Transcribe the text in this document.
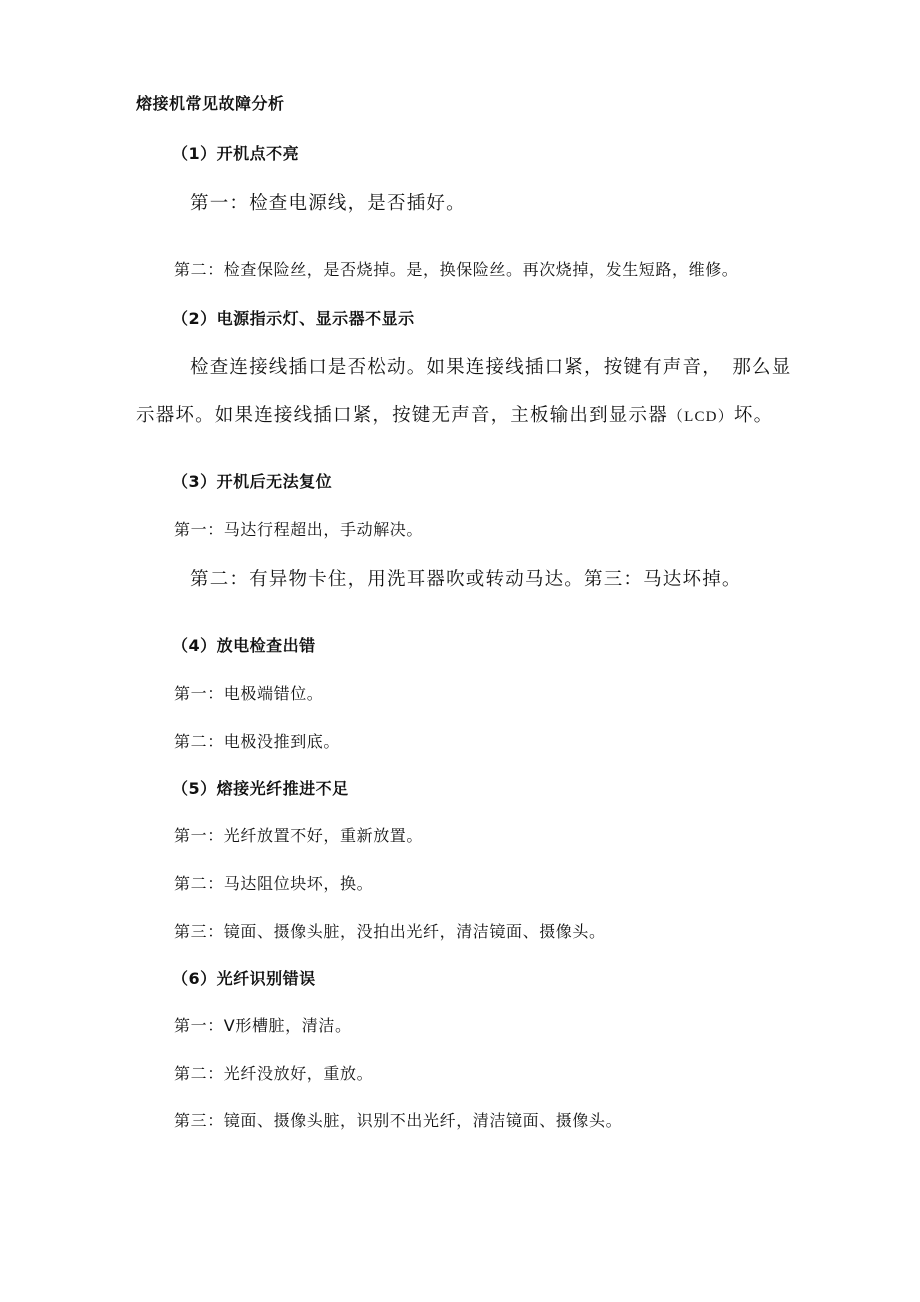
熔接机常见故障分析
（1）开机点不亮
第一：检查电源线，是否插好。
第二：检查保险丝，是否烧掉。是，换保险丝。再次烧掉，发生短路，维修。
（2）电源指示灯、显示器不显示
检查连接线插口是否松动。如果连接线插口紧，按键有声音，　那么显
示器坏。如果连接线插口紧，按键无声音，主板输出到显示器（LCD）坏。
（3）开机后无法复位
第一：马达行程超出，手动解决。
第二：有异物卡住，用洗耳器吹或转动马达。第三：马达坏掉。
（4）放电检查出错
第一：电极端错位。
第二：电极没推到底。
（5）熔接光纤推进不足
第一：光纤放置不好，重新放置。
第二：马达阻位块坏，换。
第三：镜面、摄像头脏，没拍出光纤，清洁镜面、摄像头。
（6）光纤识别错误
第一：V形槽脏，清洁。
第二：光纤没放好，重放。
第三：镜面、摄像头脏，识别不出光纤，清洁镜面、摄像头。
